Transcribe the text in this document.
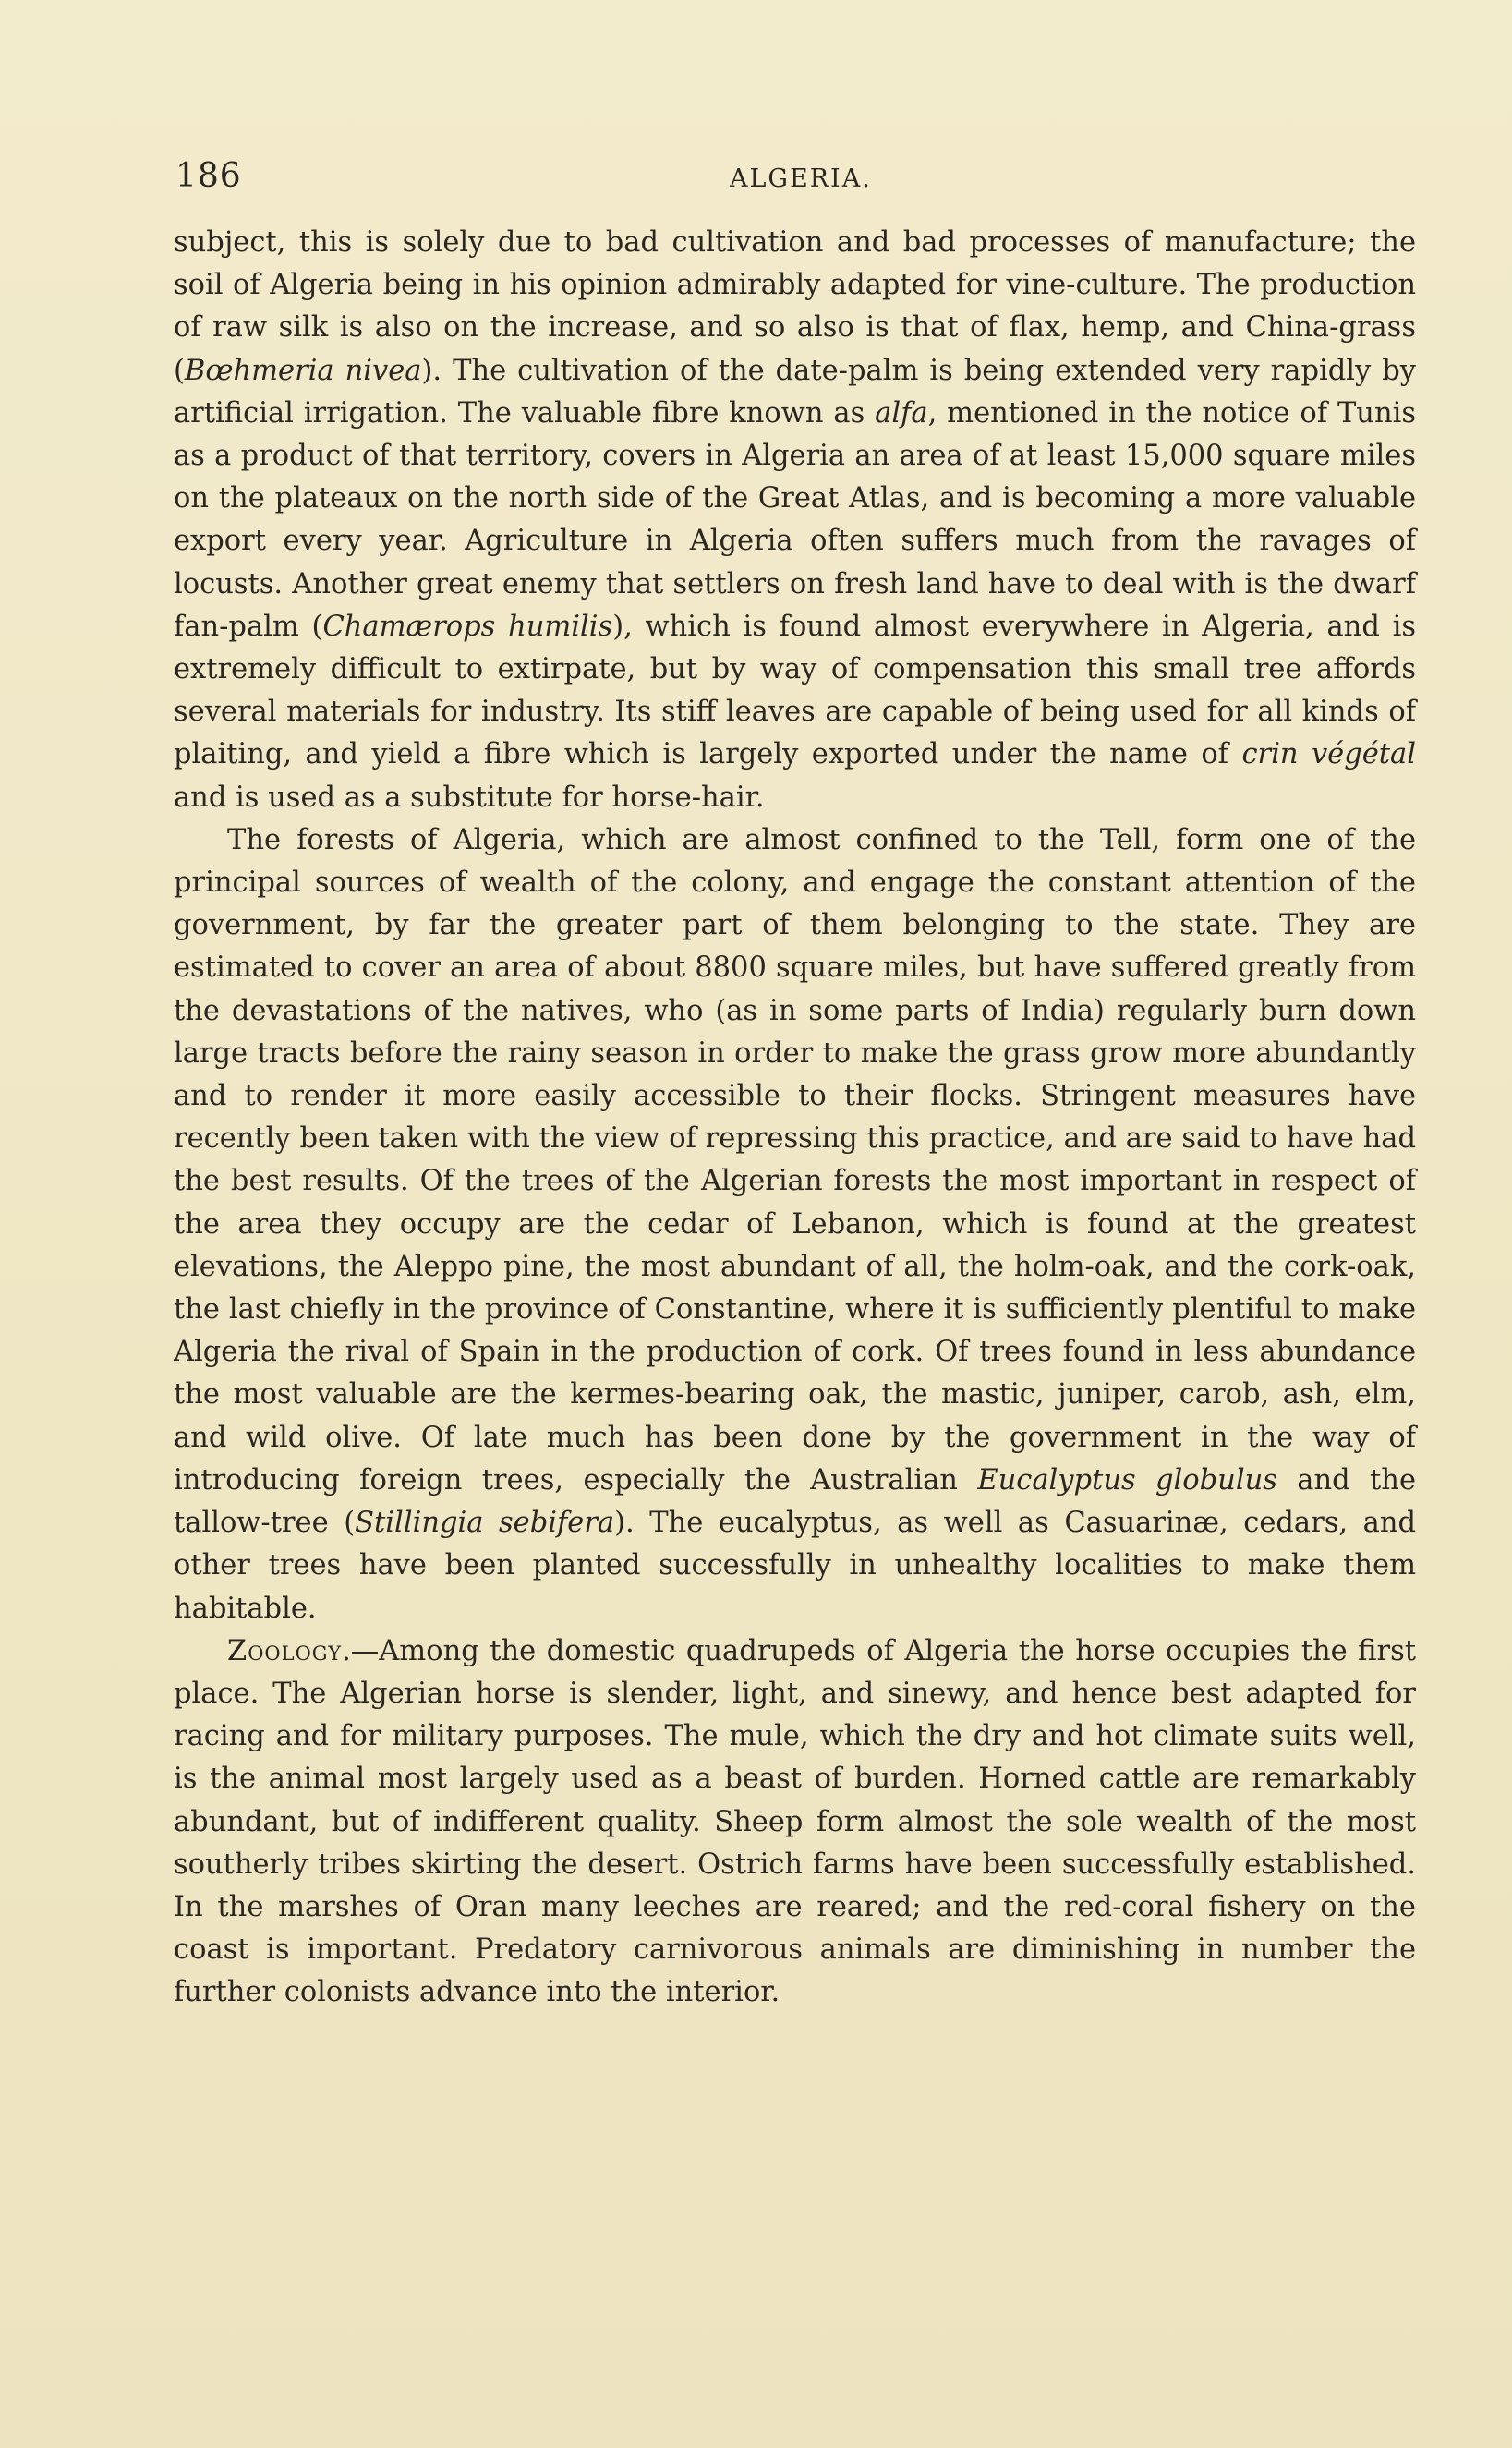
186	ALGERIA.

subject, this is solely due to bad cultivation and bad processes of manufacture; the soil of Algeria being in his opinion admirably adapted for vine-culture. The production of raw silk is also on the increase, and so also is that of flax, hemp, and China-grass (Bœhmeria nivea). The cultivation of the date-palm is being extended very rapidly by artificial irrigation. The valuable fibre known as alfa, mentioned in the notice of Tunis as a product of that territory, covers in Algeria an area of at least 15,000 square miles on the plateaux on the north side of the Great Atlas, and is becoming a more valuable export every year. Agriculture in Algeria often suffers much from the ravages of locusts. Another great enemy that settlers on fresh land have to deal with is the dwarf fan-palm (Chamærops humilis), which is found almost everywhere in Algeria, and is extremely difficult to extirpate, but by way of compensation this small tree affords several materials for industry. Its stiff leaves are capable of being used for all kinds of plaiting, and yield a fibre which is largely exported under the name of crin végétal and is used as a substitute for horse-hair.

The forests of Algeria, which are almost confined to the Tell, form one of the principal sources of wealth of the colony, and engage the constant attention of the government, by far the greater part of them belonging to the state. They are estimated to cover an area of about 8800 square miles, but have suffered greatly from the devastations of the natives, who (as in some parts of India) regularly burn down large tracts before the rainy season in order to make the grass grow more abundantly and to render it more easily accessible to their flocks. Stringent measures have recently been taken with the view of repressing this practice, and are said to have had the best results. Of the trees of the Algerian forests the most important in respect of the area they occupy are the cedar of Lebanon, which is found at the greatest elevations, the Aleppo pine, the most abundant of all, the holm-oak, and the cork-oak, the last chiefly in the province of Constantine, where it is sufficiently plentiful to make Algeria the rival of Spain in the production of cork. Of trees found in less abundance the most valuable are the kermes-bearing oak, the mastic, juniper, carob, ash, elm, and wild olive. Of late much has been done by the government in the way of introducing foreign trees, especially the Australian Eucalyptus globulus and the tallow-tree (Stillingia sebifera). The eucalyptus, as well as Casuarinæ, cedars, and other trees have been planted successfully in unhealthy localities to make them habitable.

Zoology.—Among the domestic quadrupeds of Algeria the horse occupies the first place. The Algerian horse is slender, light, and sinewy, and hence best adapted for racing and for military purposes. The mule, which the dry and hot climate suits well, is the animal most largely used as a beast of burden. Horned cattle are remarkably abundant, but of indifferent quality. Sheep form almost the sole wealth of the most southerly tribes skirting the desert. Ostrich farms have been successfully established. In the marshes of Oran many leeches are reared; and the red-coral fishery on the coast is important. Predatory carnivorous animals are diminishing in number the further colonists advance into the interior.
